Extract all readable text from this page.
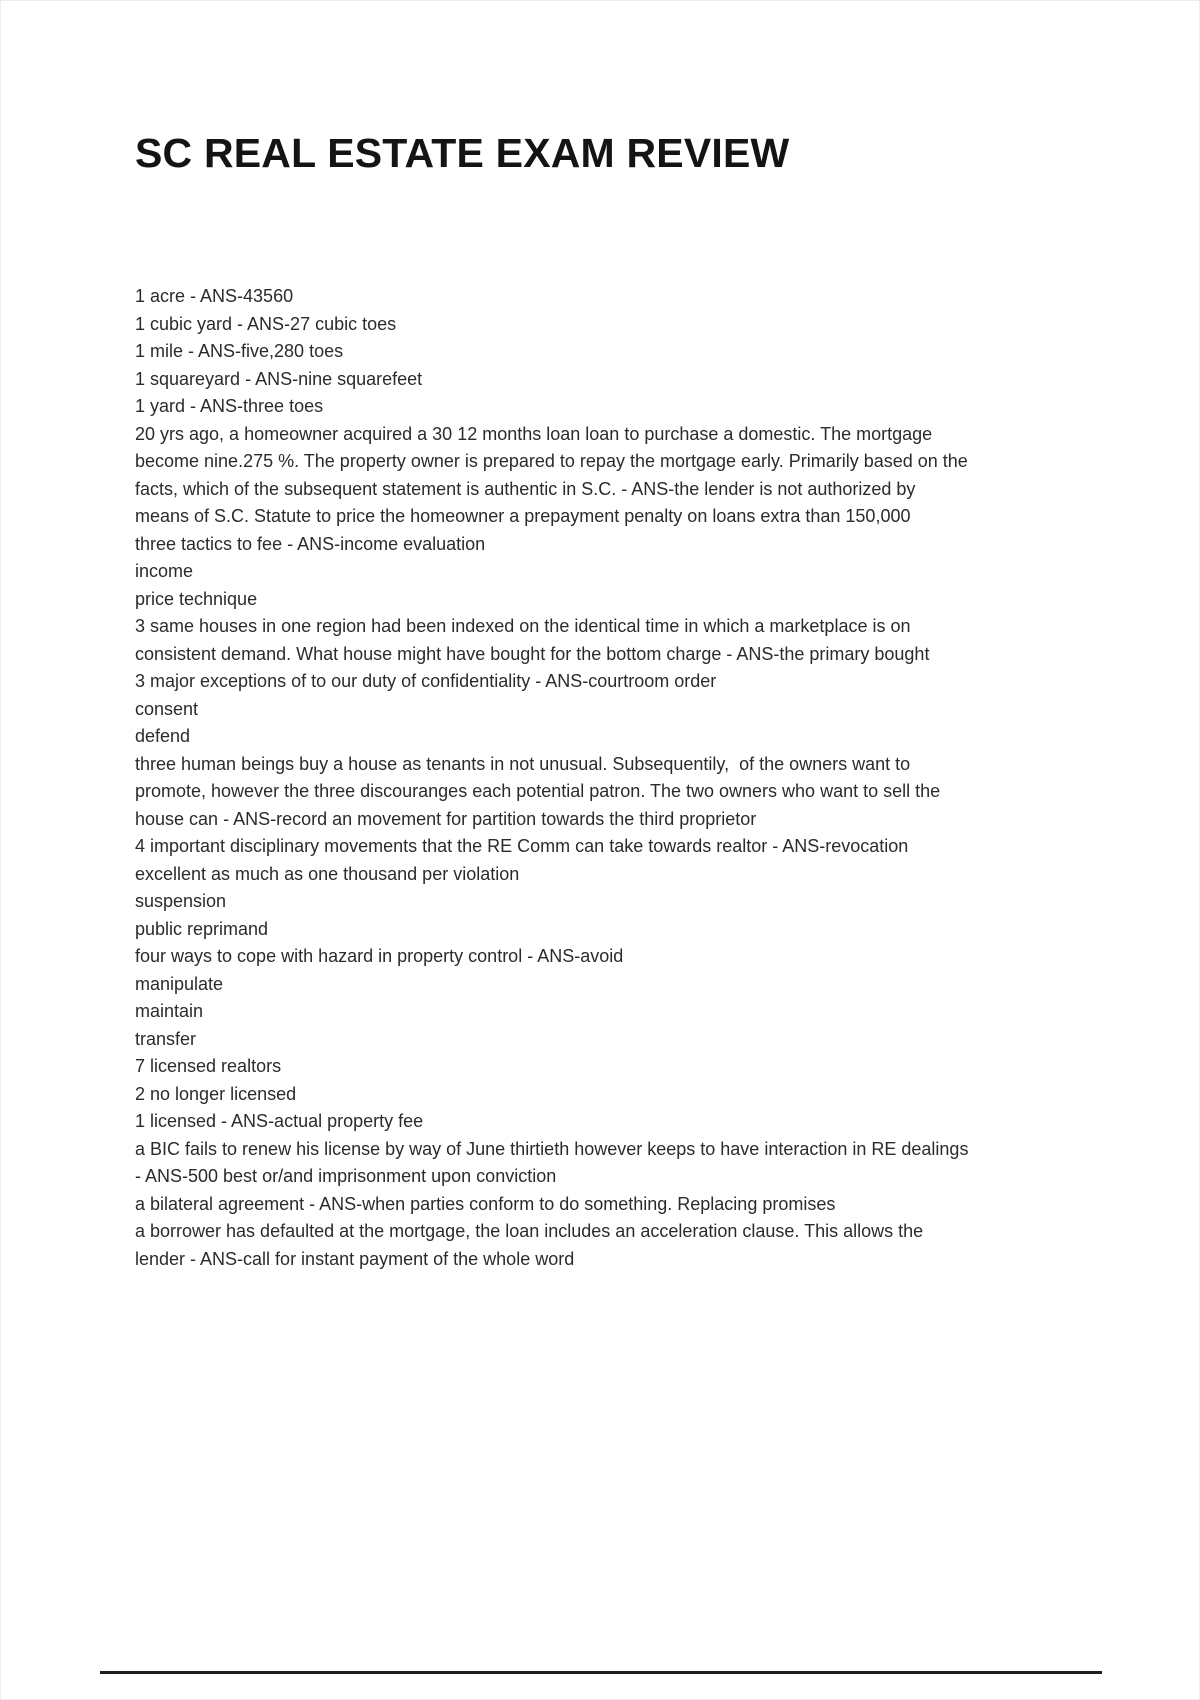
SC REAL ESTATE EXAM REVIEW

1 acre - ANS-43560

1 cubic yard - ANS-27 cubic toes

1 mile - ANS-five,280 toes

1 squareyard - ANS-nine squarefeet

1 yard - ANS-three toes

20 yrs ago, a homeowner acquired a 30 12 months loan loan to purchase a domestic. The mortgage become nine.275 %. The property owner is prepared to repay the mortgage early. Primarily based on the facts, which of the subsequent statement is authentic in S.C. - ANS-the lender is not authorized by means of S.C. Statute to price the homeowner a prepayment penalty on loans extra than 150,000

three tactics to fee - ANS-income evaluation

income

price technique

3 same houses in one region had been indexed on the identical time in which a marketplace is on consistent demand. What house might have bought for the bottom charge - ANS-the primary bought

3 major exceptions of to our duty of confidentiality - ANS-courtroom order

consent

defend

three human beings buy a house as tenants in not unusual. Subsequentily,  of the owners want to promote, however the three discouranges each potential patron. The two owners who want to sell the house can - ANS-record an movement for partition towards the third proprietor

4 important disciplinary movements that the RE Comm can take towards realtor - ANS-revocation

excellent as much as one thousand per violation

suspension

public reprimand

four ways to cope with hazard in property control - ANS-avoid

manipulate

maintain

transfer

7 licensed realtors

2 no longer licensed

1 licensed - ANS-actual property fee

a BIC fails to renew his license by way of June thirtieth however keeps to have interaction in RE dealings - ANS-500 best or/and imprisonment upon conviction

a bilateral agreement - ANS-when parties conform to do something. Replacing promises

a borrower has defaulted at the mortgage, the loan includes an acceleration clause. This allows the lender - ANS-call for instant payment of the whole word
